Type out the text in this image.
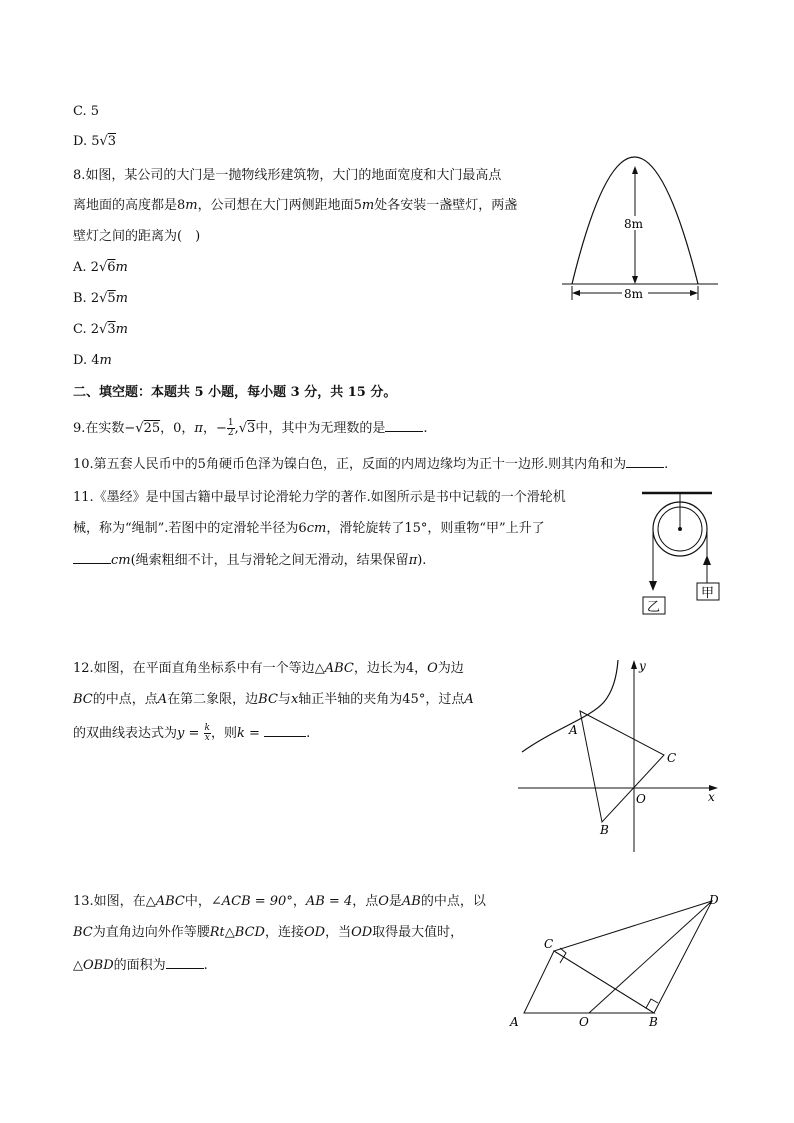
C. 5
D. 5√3
8.如图，某公司的大门是一抛物线形建筑物，大门的地面宽度和大门最高点
离地面的高度都是8m，公司想在大门两侧距地面5m处各安装一盏壁灯，两盏
壁灯之间的距离为(　)
A. 2√6m
B. 2√5m
C. 2√3m
D. 4m
8m
8m
二、填空题：本题共 5 小题，每小题 3 分，共 15 分。
9.在实数−√25，0，π，− $\frac{1}{2} ,√3$中，其中为无理数的是	.
10.第五套人民币中的5角硬币色泽为镍白色，正，反面的内周边缘均为正十一边形.则其内角和为	.
11.《墨经》是中国古籍中最早讨论滑轮力学的著作.如图所示是书中记载的一个滑轮机
械，称为“绳制”.若图中的定滑轮半径为6cm，滑轮旋转了15°，则重物“甲”上升了
cm(绳索粗细不计，且与滑轮之间无滑动，结果保留π).
乙
甲
12.如图，在平面直角坐标系中有一个等边△ABC，边长为4，O为边
BC的中点，点A在第二象限，边BC与x轴正半轴的夹角为45°，过点A
的双曲线表达式为$y = \frac{k}{x}$ ，则k =	.
y
x
A
B
C
O
13.如图，在△ABC中，∠ACB = 90°，AB = 4，点O是AB的中点，以
BC为直角边向外作等腰Rt△BCD，连接OD，当OD取得最大值时，
△OBD的面积为	.
A	O	B
C
D
